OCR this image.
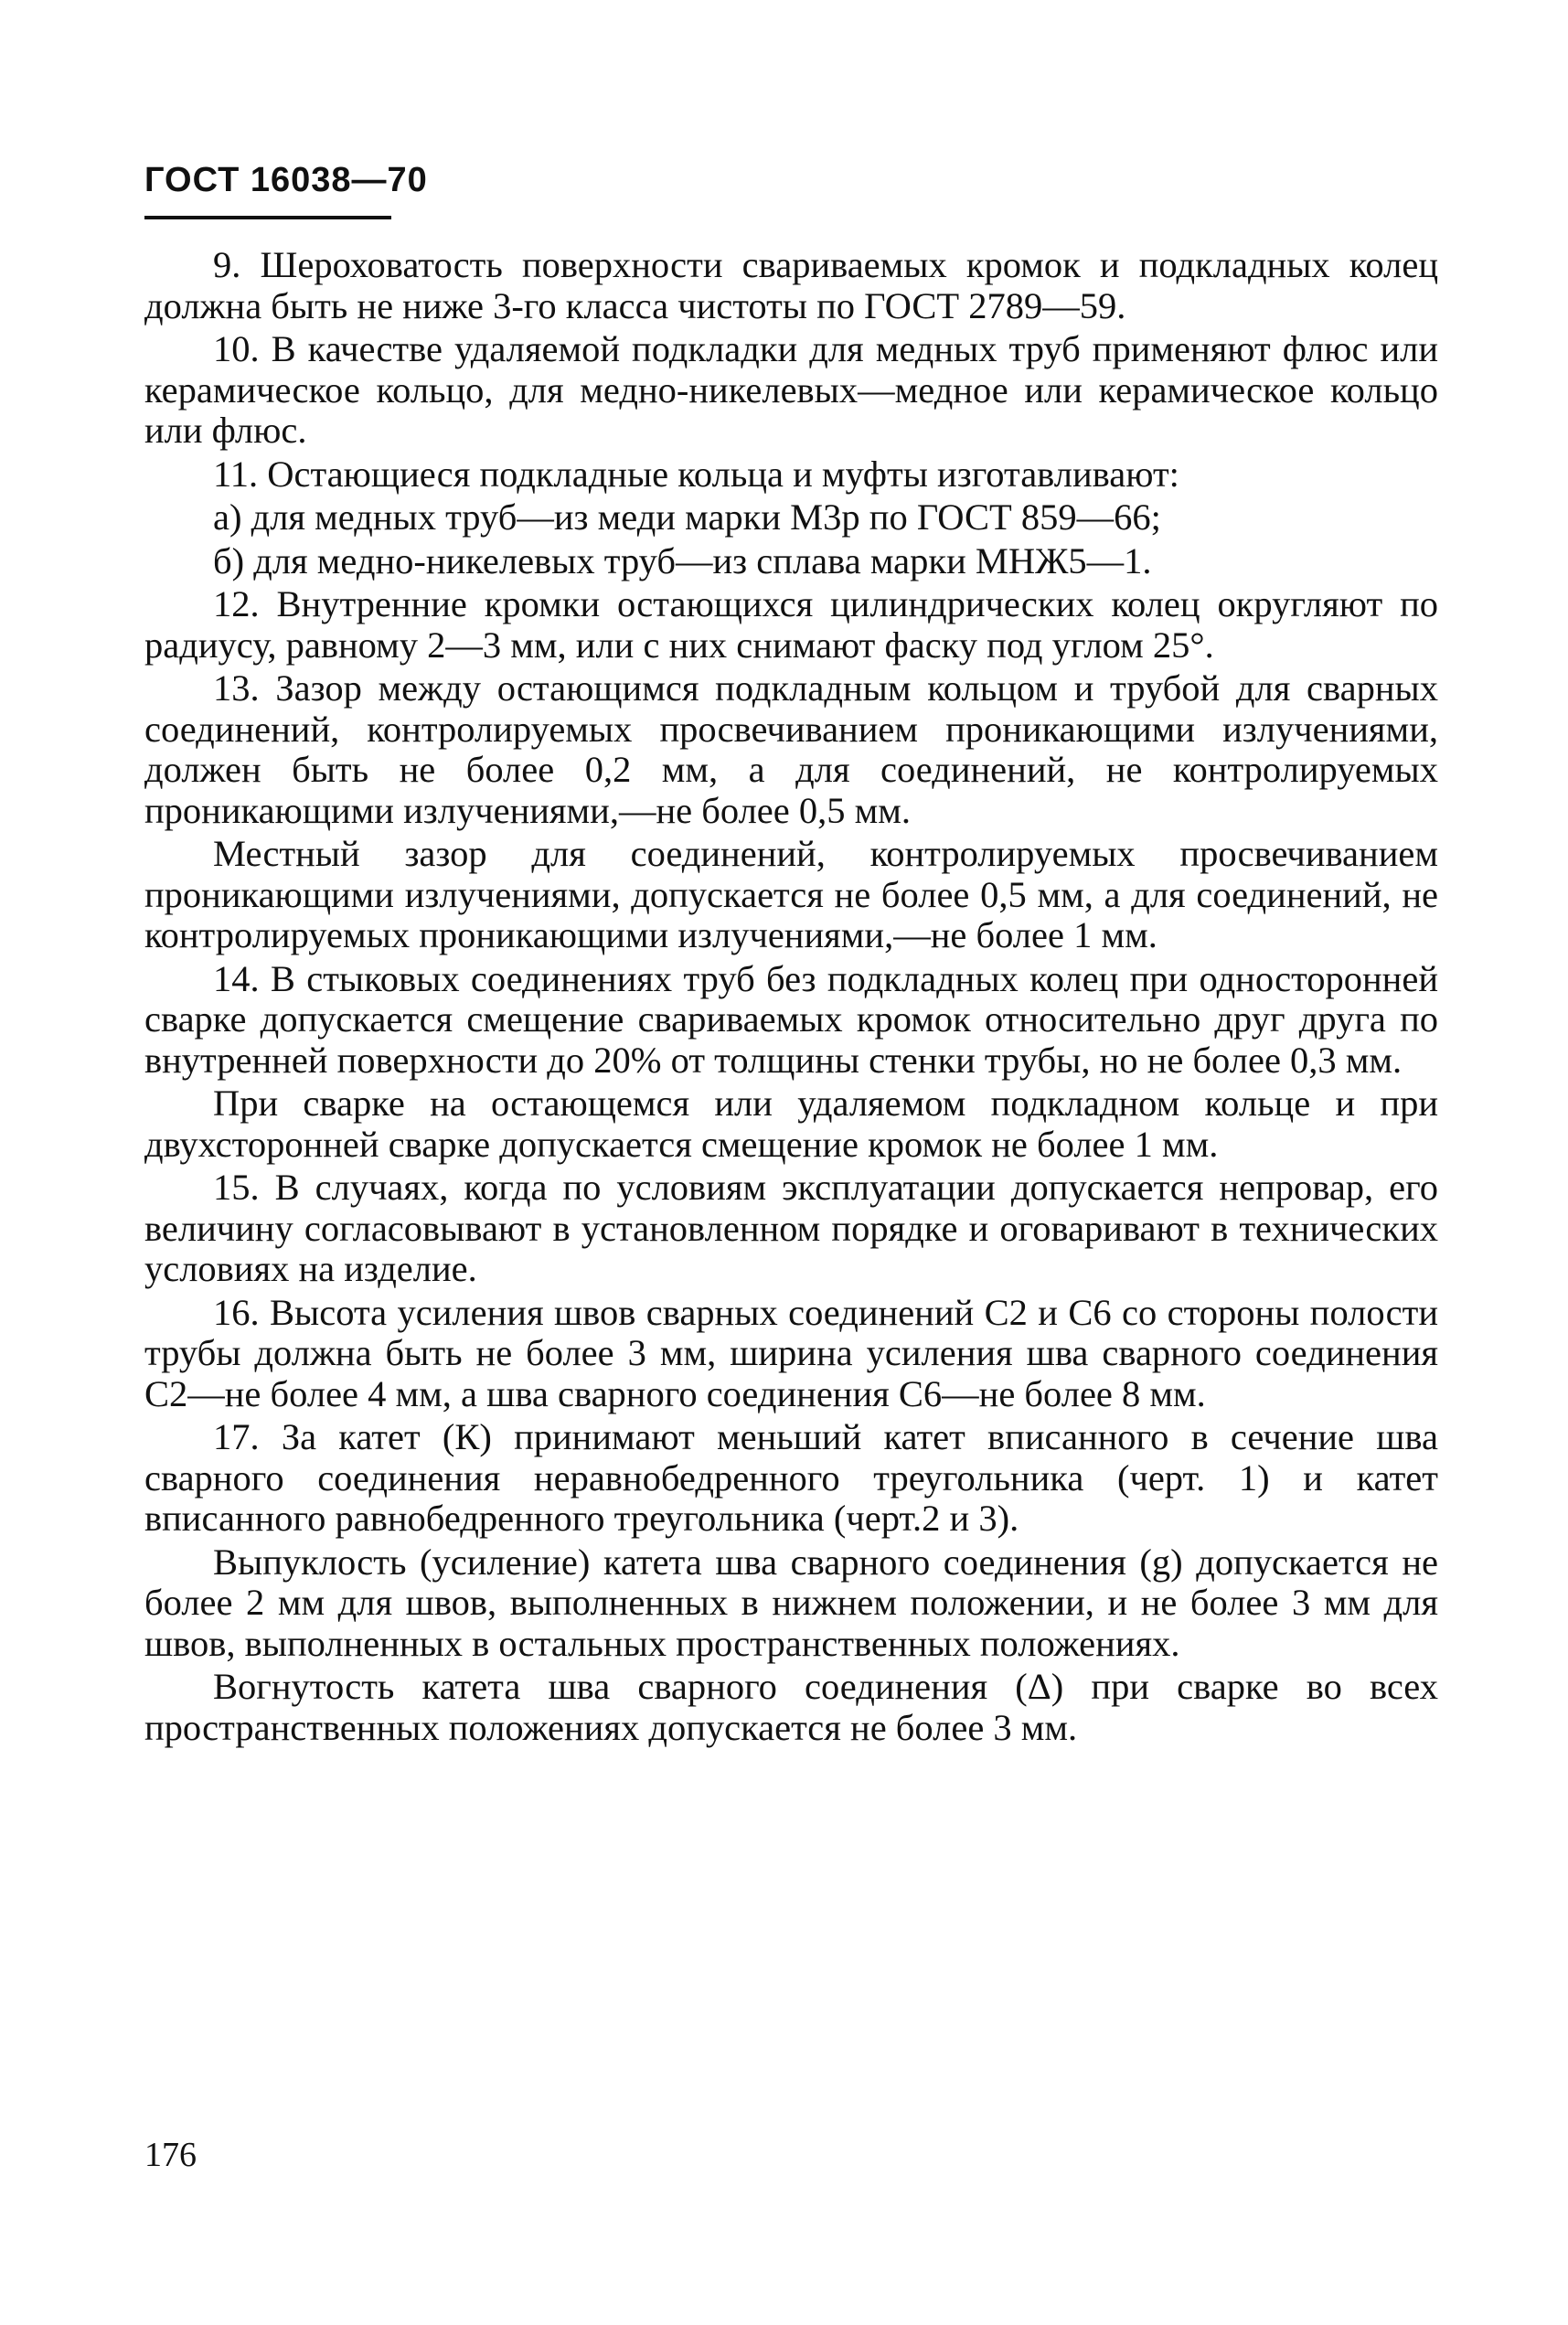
ГОСТ 16038—70

9. Шероховатость поверхности свариваемых кромок и подкладных колец должна быть не ниже 3-го класса чистоты по ГОСТ 2789—59.

10. В качестве удаляемой подкладки для медных труб применяют флюс или керамическое кольцо, для медно-никелевых—медное или керамическое кольцо или флюс.

11. Остающиеся подкладные кольца и муфты изготавливают:

а) для медных труб—из меди марки М3р по ГОСТ 859—66;

б) для медно-никелевых труб—из сплава марки МНЖ5—1.

12. Внутренние кромки остающихся цилиндрических колец округляют по радиусу, равному 2—3 мм, или с них снимают фаску под углом 25°.

13. Зазор между остающимся подкладным кольцом и трубой для сварных соединений, контролируемых просвечиванием проникающими излучениями, должен быть не более 0,2 мм, а для соединений, не контролируемых проникающими излучениями,—не более 0,5 мм.

Местный зазор для соединений, контролируемых просвечиванием проникающими излучениями, допускается не более 0,5 мм, а для соединений, не контролируемых проникающими излучениями,—не более 1 мм.

14. В стыковых соединениях труб без подкладных колец при односторонней сварке допускается смещение свариваемых кромок относительно друг друга по внутренней поверхности до 20% от толщины стенки трубы, но не более 0,3 мм.

При сварке на остающемся или удаляемом подкладном кольце и при двухсторонней сварке допускается смещение кромок не более 1 мм.

15. В случаях, когда по условиям эксплуатации допускается непровар, его величину согласовывают в установленном порядке и оговаривают в технических условиях на изделие.

16. Высота усиления швов сварных соединений С2 и С6 со стороны полости трубы должна быть не более 3 мм, ширина усиления шва сварного соединения С2—не более 4 мм, а шва сварного соединения С6—не более 8 мм.

17. За катет (К) принимают меньший катет вписанного в сечение шва сварного соединения неравнобедренного треугольника (черт. 1) и катет вписанного равнобедренного треугольника (черт.2 и 3).

Выпуклость (усиление) катета шва сварного соединения (g) допускается не более 2 мм для швов, выполненных в нижнем положении, и не более 3 мм для швов, выполненных в остальных пространственных положениях.

Вогнутость катета шва сварного соединения (Δ) при сварке во всех пространственных положениях допускается не более 3 мм.

176
